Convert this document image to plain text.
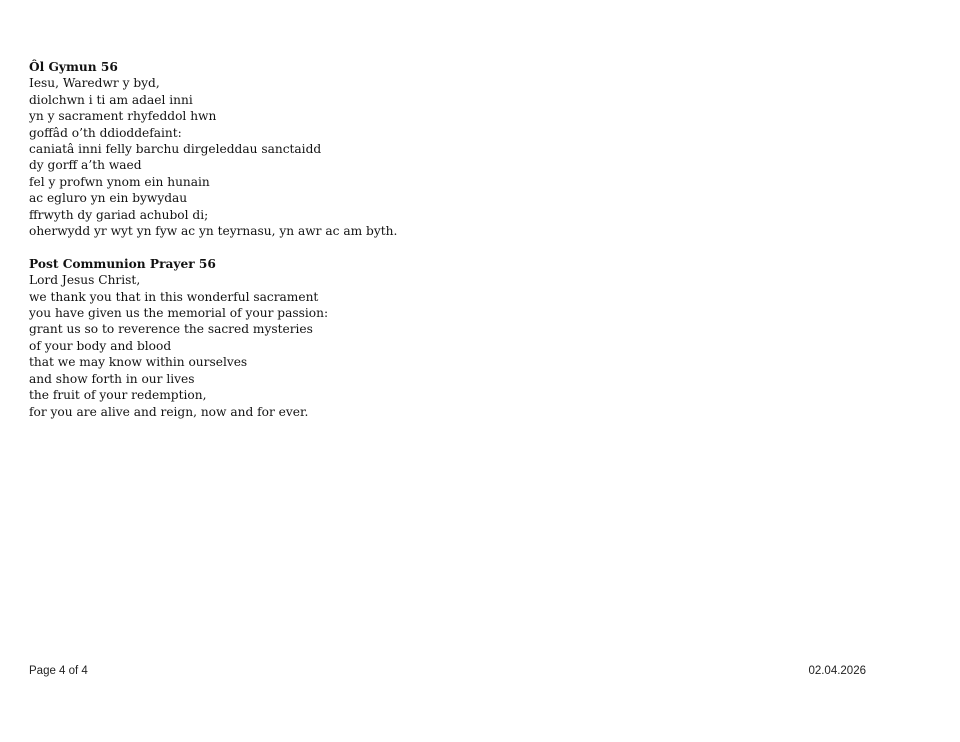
Ôl Gymun 56
Iesu, Waredwr y byd,
diolchwn i ti am adael inni
yn y sacrament rhyfeddol hwn
goffâd o’th ddioddefaint:
caniatâ inni felly barchu dirgeleddau sanctaidd
dy gorff a’th waed
fel y profwn ynom ein hunain
ac egluro yn ein bywydau
ffrwyth dy gariad achubol di;
oherwydd yr wyt yn fyw ac yn teyrnasu, yn awr ac am byth.
Post Communion Prayer 56
Lord Jesus Christ,
we thank you that in this wonderful sacrament
you have given us the memorial of your passion:
grant us so to reverence the sacred mysteries
of your body and blood
that we may know within ourselves
and show forth in our lives
the fruit of your redemption,
for you are alive and reign, now and for ever.
Page 4 of 4	02.04.2026
